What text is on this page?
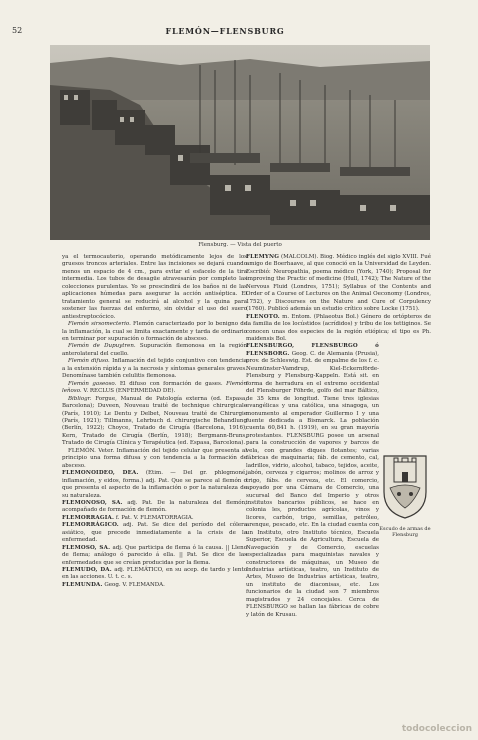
52	FLEMÓN—FLENSBURG
Flensburg. — Vista del puerto

ya el termocauterio, operando metódicamente lejos de los gruesos troncos arteriales. Entre las incisiones se dejará cuando menos un espacio de 4 cm., para evitar el esfacelo de la tira intermedia. Los tubos de desagüe atravesarán por completo las colecciones purulentas. Yo se prescindirá de los baños ni de las aplicaciones húmedas para asegurar la acción antiséptica. El tratamiento general se reducirá al alcohol y la quina para sostener las fuerzas del enfermo, sin olvidar el uso del suero antiestreptocócico.

Flemón sirsomecterio. Flemón caracterizado por lo benigno de la inflamación, la cual se limita exactamente y tarda de ordinario en terminar por supuración o formación de absceso.

Flemón de Dupuytren. Supuración flemonosa en la región anterolateral del cuello.

Flemón difuso. Inflamación del tejido conjuntivo con tendencia a la extensión rápida y a la necrosis y síntomas generales graves. Denomínase también celulitis flemonosa.

Flemón gaseoso. El difuso con formación de gases. Flemón leñoso. V. RECLUS (ENFERMEDAD DE).

Bibliogr. Forgue, Manual de Patología externa (ed. Espasa, Barcelona); Duveen, Nouveau traité de technique chirurgicale (París, 1910); Le Dentu y Delbet, Nouveau traité de Chirurgie (París, 1921); Tillmanns, Lehrbuch d. chirurgische Behandlung (Berlín, 1922); Choyce, Tratado de Cirugía (Barcelona, 1916); Kern, Tratado de Cirugía (Berlín, 1918); Bergmann-Bruns, Tratado de Cirugía Clínica y Terapéutica (ed. Espasa, Barcelona).

FLEMÓN. Veter. Inflamación del tejido celular que presenta al principio una forma difusa y con tendencia a la formación de absceso.

FLEMONOIDEO, DEA. (Etim. — Del gr. phlegmoné, inflamación, y eidos, forma.) adj. Pat. Que se parece al flemón o que presenta el aspecto de la inflamación o por la naturaleza de su naturaleza.

FLEMONOSO, SA. adj. Pat. De la naturaleza del flemón; acompañado de formación de flemón.

FLEMORRAGIA. f. Pat. V. FLEMATORRAGIA.

FLEMORRÁGICO. adj. Pat. Se dice del período del cólera asiático, que precede inmediatamente a la crisis de la enfermedad.

FLEMOSO, SA. adj. Que participa de flema ó la causa. || Lleno de flema; análogo ó parecido á ella. || Pat. Se dice de las enfermedades que se creían producidas por la flema.

FLEMUDO, DA. adj. FLEMÁTICO, en su acep. de tardo y lento en las acciones. U. t. c. s.

FLEMUNDA. Geog. V. FLEMANDA.

FLEMYNG (MALCOLM). Biog. Médico inglés del siglo XVIII. Fué amigo de Boerhaave, al que conoció en la Universidad de Leyden. Escribió: Neuropathia, poema médico (York, 1740); Proposal for improving the Practic of medicine (Hull, 1742); The Nature of the Nervous Fluid (Londres, 1751); Syllabus of the Contents and Order of a Course of Lectures on the Animal Oeconomy (Londres, 1752), y Discourses on the Nature and Cure of Corpulency (1760). Publicó además un estudio crítico sobre Locke (1751).

FLENOTO. m. Entom. (Phlaeotus Bol.) Género de ortópteros de la familia de los locústidos (acrídidos) y tribu de los tettiginos. Se conocen unas dos especies de la región etiópica; el tipo es Ph. maidensis Bol.

FLENSBURGO, FLENSBURGO ó FLENSBORG. Geog. C. de Alemania (Prusia), prov. de Schleswig. Est. de empalme de los f. c. Neumünster-Vamdrup, Kiel-Eckernförde-Flensburg y Flensburg-Kappeln. Está sit. en forma de herradura en el extremo occidental del Flensburger Föhrde, golfo del mar Báltico, de 35 kms de longitud. Tiene tres iglesias evangélicas y una católica, una sinagoga, un monumento al emperador Guillermo I y una fuente dedicada a Bismarck. La población cuenta 60,841 h. (1919), en su gran mayoría protestantes. FLENSBURG posee un arsenal para la construcción de vapores y barcos de vela, con grandes diques flotantes; varias fábricas de maquinaria; fáb. de cemento, cal, ladrillos, vidrio, alcohol, tabaco, tejidos, aceite, jabón, cerveza y cigarros; molinos de arroz y trigo, fábs. de cerveza, etc. El comercio, apoyado por una Cámara de Comercio, una sucursal del Banco del Imperio y otros institutos bancarios públicos, se hace en colonia les, productos agrícolas, vinos y licores, carbón, trigo, semillas, petróleo, arenque, pescado, etc. En la ciudad cuenta con un Instituto, otro Instituto técnico, Escuela Superior, Escuela de Agricultura, Escuela de Navegación y de Comercio, escuelas especializadas para maquinistas navales y constructores de máquinas, un Museo de Industrias artísticas, teatro, un Instituto de Artes, Museo de Industrias artísticas, teatro, un instituto de diaconisas, etc. Los funcionarios de la ciudad son 7 miembros magistrados y 24 concejales. Cerca de FLENSBURGO se hallan las fábricas de cobre y latón de Krusau.

Escudo de armas de Flensburg
todocoleccion
